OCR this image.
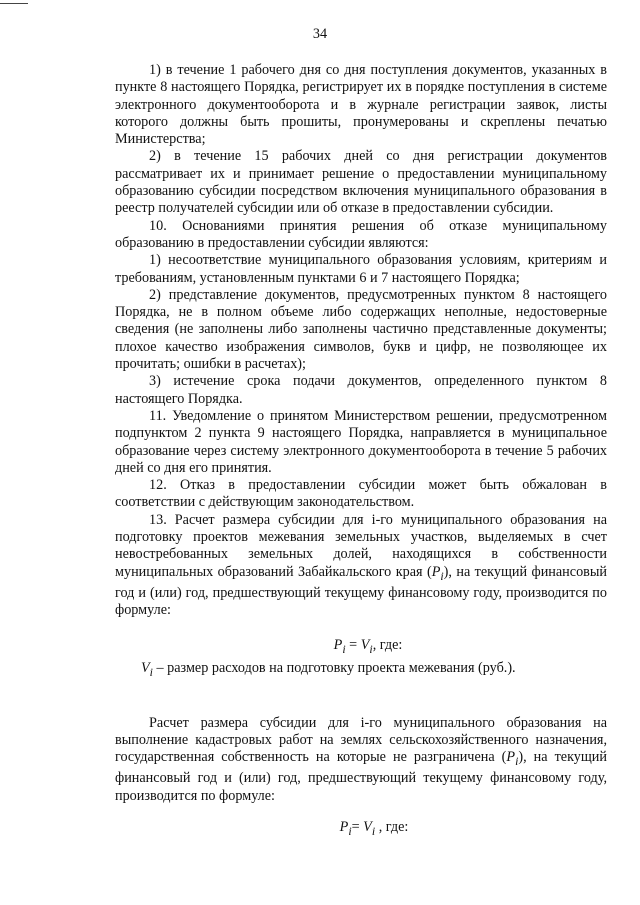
34

1) в течение 1 рабочего дня со дня поступления документов, указанных в пункте 8 настоящего Порядка, регистрирует их в порядке поступления в системе электронного документооборота и в журнале регистрации заявок, листы которого должны быть прошиты, пронумерованы и скреплены печатью Министерства;

2) в течение 15 рабочих дней со дня регистрации документов рассматривает их и принимает решение о предоставлении муниципальному образованию субсидии посредством включения муниципального образования в реестр получателей субсидии или об отказе в предоставлении субсидии.

10. Основаниями принятия решения об отказе муниципальному образованию в предоставлении субсидии являются:

1) несоответствие муниципального образования условиям, критериям и требованиям, установленным пунктами 6 и 7 настоящего Порядка;

2) представление документов, предусмотренных пунктом 8 настоящего Порядка, не в полном объеме либо содержащих неполные, недостоверные сведения (не заполнены либо заполнены частично представленные документы; плохое качество изображения символов, букв и цифр, не позволяющее их прочитать; ошибки в расчетах);

3) истечение срока подачи документов, определенного пунктом 8 настоящего Порядка.

11. Уведомление о принятом Министерством решении, предусмотренном подпунктом 2 пункта 9 настоящего Порядка, направляется в муниципальное образование через систему электронного документооборота в течение 5 рабочих дней со дня его принятия.

12. Отказ в предоставлении субсидии может быть обжалован в соответствии с действующим законодательством.

13. Расчет размера субсидии для i-го муниципального образования на подготовку проектов межевания земельных участков, выделяемых в счет невостребованных земельных долей, находящихся в собственности муниципальных образований Забайкальского края $(P_i)$, на текущий финансовый год и (или) год, предшествующий текущему финансовому году, производится по формуле:

$P_i = V_i$, где:

$V_i$ – размер расходов на подготовку проекта межевания (руб.).

Расчет размера субсидии для i-го муниципального образования на выполнение кадастровых работ на землях сельскохозяйственного назначения, государственная собственность на которые не разграничена $(P_i)$, на текущий финансовый год и (или) год, предшествующий текущему финансовому году, производится по формуле:

$P_i= V_i$ , где:
